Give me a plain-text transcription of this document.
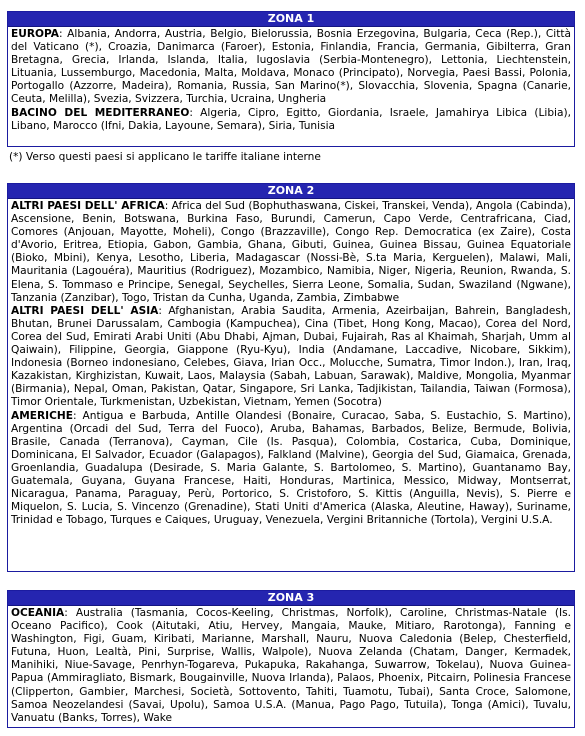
ZONA 1

EUROPA: Albania, Andorra, Austria, Belgio, Bielorussia, Bosnia Erzegovina, Bulgaria, Ceca (Rep.), Città del Vaticano (*), Croazia, Danimarca (Faroer), Estonia, Finlandia, Francia, Germania, Gibilterra, Gran Bretagna, Grecia, Irlanda, Islanda, Italia, Iugoslavia (Serbia-Montenegro), Lettonia, Liechtenstein, Lituania, Lussemburgo, Macedonia, Malta, Moldava, Monaco (Principato), Norvegia, Paesi Bassi, Polonia, Portogallo (Azzorre, Madeira), Romania, Russia, San Marino(*), Slovacchia, Slovenia, Spagna (Canarie, Ceuta, Melilla), Svezia, Svizzera, Turchia, Ucraina, Ungheria

BACINO DEL MEDITERRANEO: Algeria, Cipro, Egitto, Giordania, Israele, Jamahirya Libica (Libia), Libano, Marocco (Ifni, Dakia, Layoune, Semara), Siria, Tunisia

(*) Verso questi paesi si applicano le tariffe italiane interne
ZONA 2

ALTRI PAESI DELL' AFRICA: Africa del Sud (Bophuthaswana, Ciskei, Transkei, Venda), Angola (Cabinda), Ascensione, Benin, Botswana, Burkina Faso, Burundi, Camerun, Capo Verde, Centrafricana, Ciad, Comores (Anjouan, Mayotte, Moheli), Congo (Brazzaville), Congo Rep. Democratica (ex Zaire), Costa d'Avorio, Eritrea, Etiopia, Gabon, Gambia, Ghana, Gibuti, Guinea, Guinea Bissau, Guinea Equatoriale (Bioko, Mbini), Kenya, Lesotho, Liberia, Madagascar (Nossi-Bè, S.ta Maria, Kerguelen), Malawi, Mali, Mauritania (Lagouéra), Mauritius (Rodriguez), Mozambico, Namibia, Niger, Nigeria, Reunion, Rwanda, S. Elena, S. Tommaso e Principe, Senegal, Seychelles, Sierra Leone, Somalia, Sudan, Swaziland (Ngwane), Tanzania (Zanzibar), Togo, Tristan da Cunha, Uganda, Zambia, Zimbabwe

ALTRI PAESI DELL' ASIA: Afghanistan, Arabia Saudita, Armenia, Azeirbaijan, Bahrein, Bangladesh, Bhutan, Brunei Darussalam, Cambogia (Kampuchea), Cina (Tibet, Hong Kong, Macao), Corea del Nord, Corea del Sud, Emirati Arabi Uniti (Abu Dhabi, Ajman, Dubai, Fujairah, Ras al Khaimah, Sharjah, Umm al Qaiwain), Filippine, Georgia, Giappone (Ryu-Kyu), India (Andamane, Laccadive, Nicobare, Sikkim), Indonesia (Borneo indonesiano, Celebes, Giava, Irian Occ., Molucche, Sumatra, Timor Indon.), Iran, Iraq, Kazakistan, Kirghizistan, Kuwait, Laos, Malaysia (Sabah, Labuan, Sarawak), Maldive, Mongolia, Myanmar (Birmania), Nepal, Oman, Pakistan, Qatar, Singapore, Sri Lanka, Tadjikistan, Tailandia, Taiwan (Formosa), Timor Orientale, Turkmenistan, Uzbekistan, Vietnam, Yemen (Socotra)

AMERICHE: Antigua e Barbuda, Antille Olandesi (Bonaire, Curacao, Saba, S. Eustachio, S. Martino), Argentina (Orcadi del Sud, Terra del Fuoco), Aruba, Bahamas, Barbados, Belize, Bermude, Bolivia, Brasile, Canada (Terranova), Cayman, Cile (Is. Pasqua), Colombia, Costarica, Cuba, Dominique, Dominicana, El Salvador, Ecuador (Galapagos), Falkland (Malvine), Georgia del Sud, Giamaica, Grenada, Groenlandia, Guadalupa (Desirade, S. Maria Galante, S. Bartolomeo, S. Martino), Guantanamo Bay, Guatemala, Guyana, Guyana Francese, Haiti, Honduras, Martinica, Messico, Midway, Montserrat, Nicaragua, Panama, Paraguay, Perù, Portorico, S. Cristoforo, S. Kittis (Anguilla, Nevis), S. Pierre e Miquelon, S. Lucia, S. Vincenzo (Grenadine), Stati Uniti d'America (Alaska, Aleutine, Haway), Suriname, Trinidad e Tobago, Turques e Caiques, Uruguay, Venezuela, Vergini Britanniche (Tortola), Vergini U.S.A.

ZONA 3

OCEANIA: Australia (Tasmania, Cocos-Keeling, Christmas, Norfolk), Caroline, Christmas-Natale (Is. Oceano Pacifico), Cook (Aitutaki, Atiu, Hervey, Mangaia, Mauke, Mitiaro, Rarotonga), Fanning e Washington, Figi, Guam, Kiribati, Marianne, Marshall, Nauru, Nuova Caledonia (Belep, Chesterfield, Futuna, Huon, Lealtà, Pini, Surprise, Wallis, Walpole), Nuova Zelanda (Chatam, Danger, Kermadek, Manihiki, Niue-Savage, Penrhyn-Togareva, Pukapuka, Rakahanga, Suwarrow, Tokelau), Nuova Guinea-Papua (Ammiragliato, Bismark, Bougainville, Nuova Irlanda), Palaos, Phoenix, Pitcairn, Polinesia Francese (Clipperton, Gambier, Marchesi, Società, Sottovento, Tahiti, Tuamotu, Tubai), Santa Croce, Salomone, Samoa Neozelandesi (Savai, Upolu), Samoa U.S.A. (Manua, Pago Pago, Tutuila), Tonga (Amici), Tuvalu, Vanuatu (Banks, Torres), Wake
